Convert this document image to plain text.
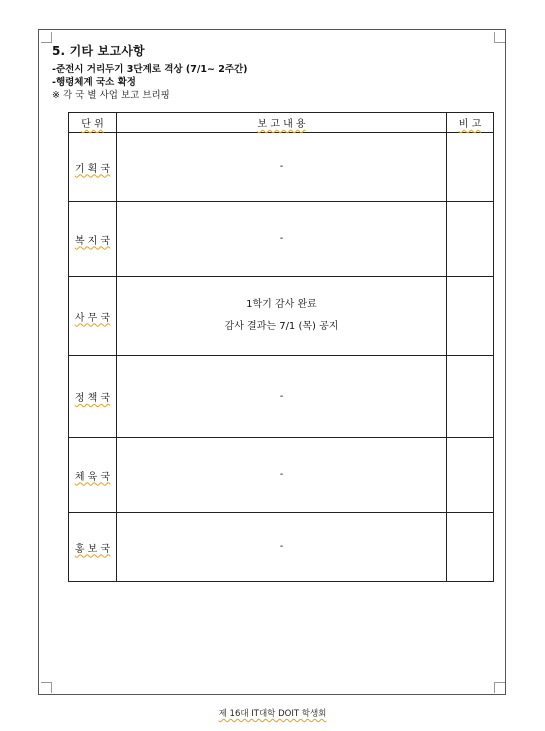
5. 기타 보고사항
-준전시 거리두기 3단계로 격상 (7/1~ 2주간)
-행령체계 국소 확정
※ 각 국 별 사업 보고 브리핑
단 위	보 고 내 용	비 고
기 획 국	-	

복 지 국	-	

사 무 국	1학기 감사 완료
감사 결과는 7/1 (목) 공지	

정 책 국	-	

체 육 국	-	

홍 보 국	-	

제 16대 IT대학 DOIT 학생회
